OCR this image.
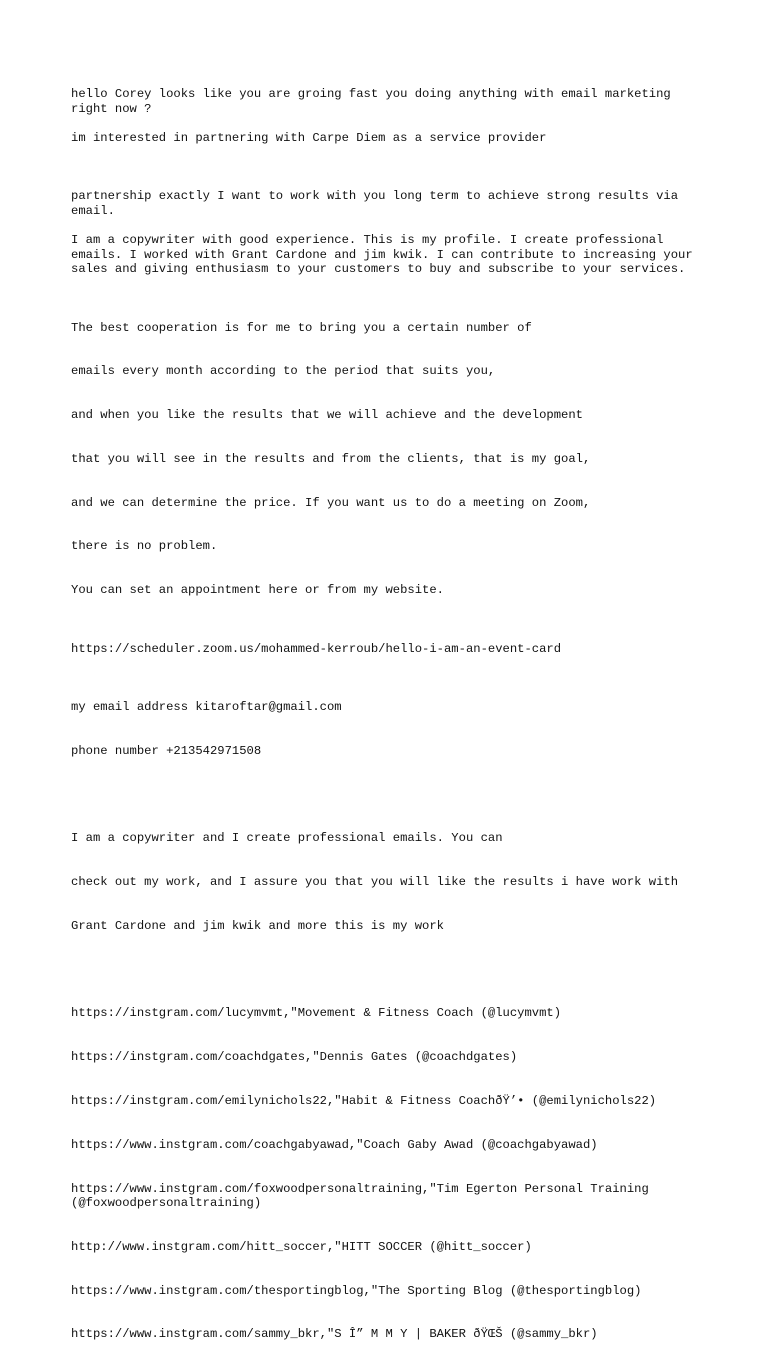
hello Corey looks like you are groing fast you doing anything with email marketing right now ?

im interested in partnering with Carpe Diem as a service provider

partnership exactly I want to work with you long term to achieve strong results via email.

I am a copywriter with good experience. This is my profile. I create professional emails. I worked with Grant Cardone and jim kwik. I can contribute to increasing your sales and giving enthusiasm to your customers to buy and subscribe to your services.

The best cooperation is for me to bring you a certain number of

emails every month according to the period that suits you,

and when you like the results that we will achieve and the development

that you will see in the results and from the clients, that is my goal,

and we can determine the price. If you want us to do a meeting on Zoom,

there is no problem.

You can set an appointment here or from my website.

https://scheduler.zoom.us/mohammed-kerroub/hello-i-am-an-event-card

my email address kitaroftar@gmail.com

phone number +213542971508

I am a copywriter and I create professional emails. You can

check out my work, and I assure you that you will like the results i have work with

Grant Cardone and jim kwik and more this is my work

https://instgram.com/lucymvmt,"Movement & Fitness Coach (@lucymvmt)

https://instgram.com/coachdgates,"Dennis Gates (@coachdgates)

https://instgram.com/emilynichols22,"Habit & Fitness CoachðŸ’• (@emilynichols22)

https://www.instgram.com/coachgabyawad,"Coach Gaby Awad (@coachgabyawad)

https://www.instgram.com/foxwoodpersonaltraining,"Tim Egerton Personal Training (@foxwoodpersonaltraining)

http://www.instgram.com/hitt_soccer,"HITT SOCCER (@hitt_soccer)

https://www.instgram.com/thesportingblog,"The Sporting Blog (@thesportingblog)

https://www.instgram.com/sammy_bkr,"S Î” M M Y | BAKER ðŸŒŠ (@sammy_bkr)
